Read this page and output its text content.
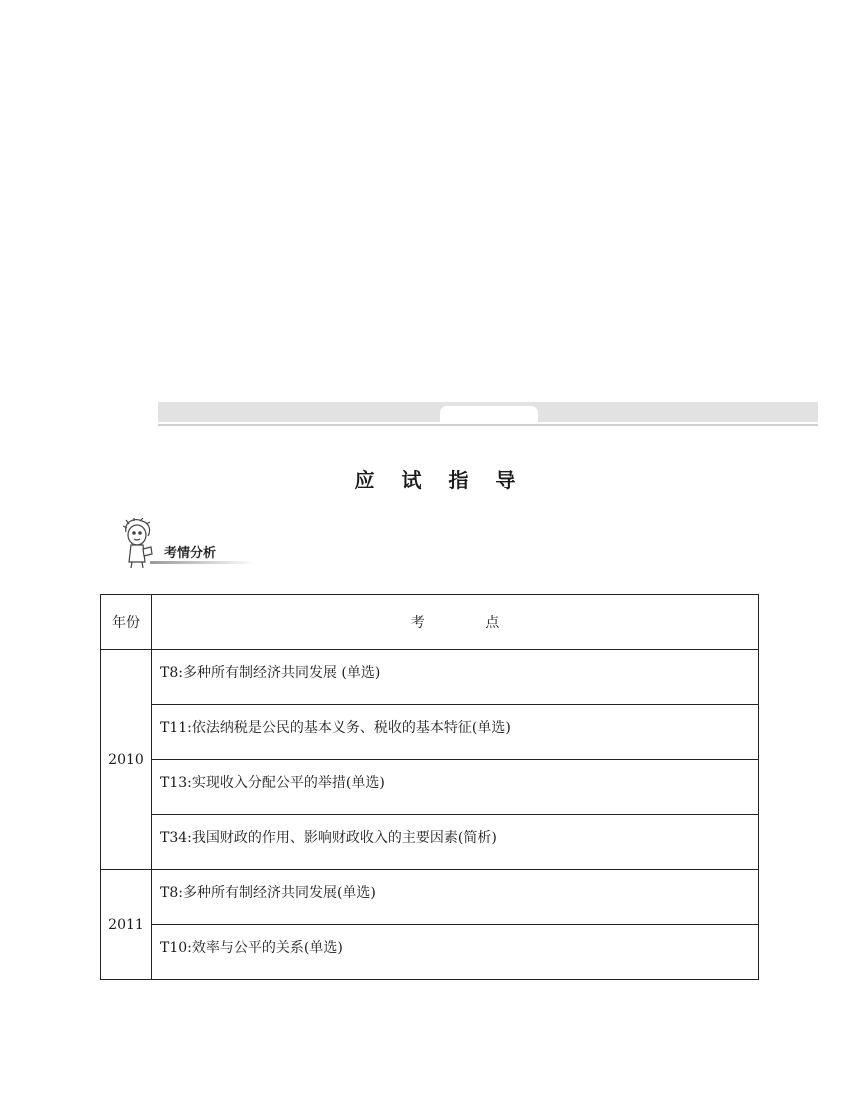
应 试 指 导
考情分析
年份	考 点
2010	T8:多种所有制经济共同发展 (单选)

	T11:依法纳税是公民的基本义务、税收的基本特征(单选)

	T13:实现收入分配公平的举措(单选)

	T34:我国财政的作用、影响财政收入的主要因素(简析)

2011	T8:多种所有制经济共同发展(单选)

	T10:效率与公平的关系(单选)
